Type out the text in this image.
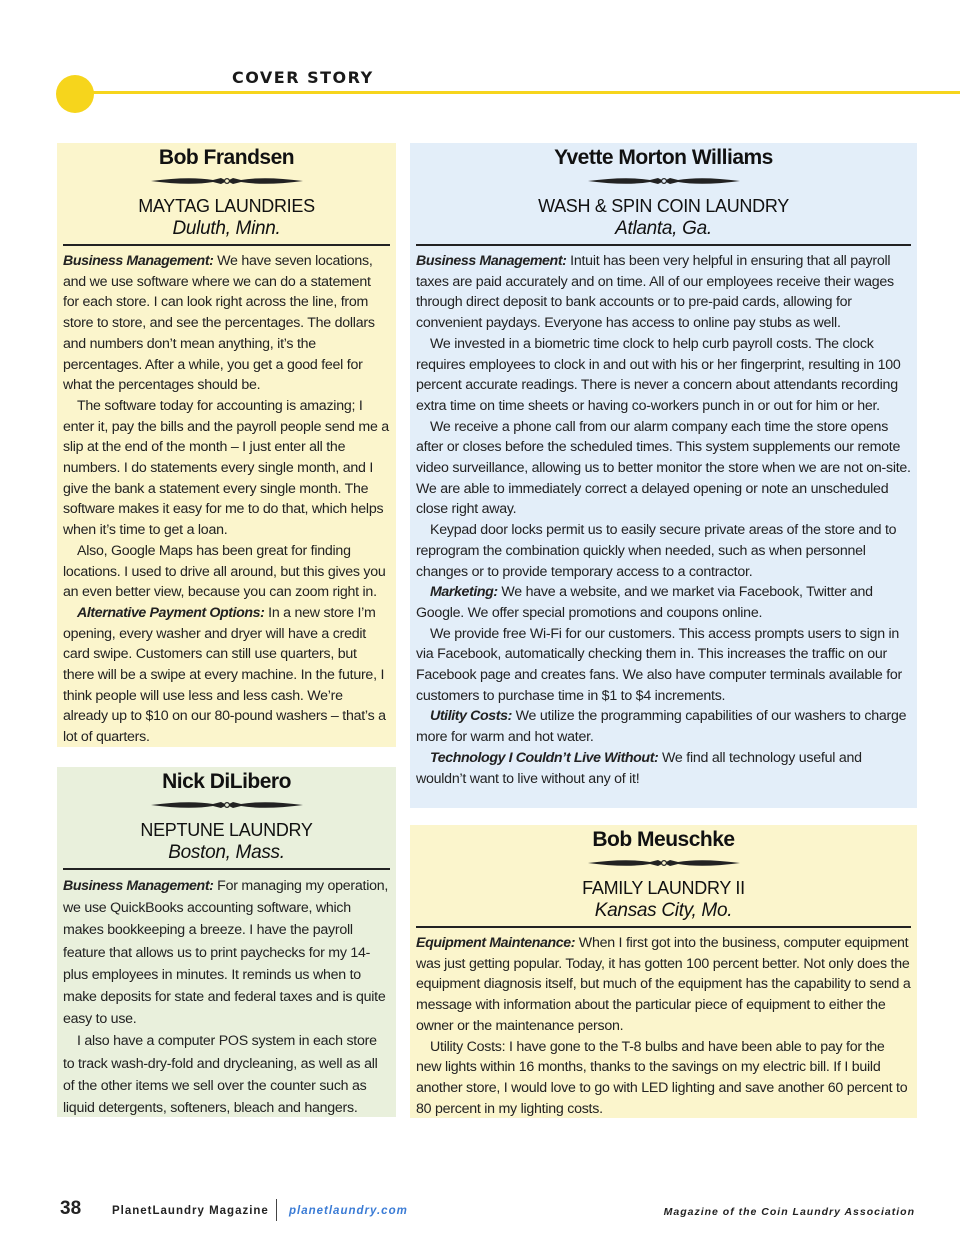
COVER STORY
Bob Frandsen
MAYTAG LAUNDRIES
Duluth, Minn.

Business Management: We have seven locations, and we use software where we can do a statement for each store. I can look right across the line, from store to store, and see the percentages. The dollars and numbers don’t mean anything, it’s the percentages. After a while, you get a good feel for what the percentages should be.

The software today for accounting is amazing; I enter it, pay the bills and the payroll people send me a slip at the end of the month – I just enter all the numbers. I do statements every single month, and I give the bank a statement every single month. The software makes it easy for me to do that, which helps when it’s time to get a loan.

Also, Google Maps has been great for finding locations. I used to drive all around, but this gives you an even better view, because you can zoom right in.

Alternative Payment Options: In a new store I’m opening, every washer and dryer will have a credit card swipe. Customers can still use quarters, but there will be a swipe at every machine. In the future, I think people will use less and less cash. We’re already up to $10 on our 80-pound washers – that’s a lot of quarters.

Nick DiLibero
NEPTUNE LAUNDRY
Boston, Mass.

Business Management: For managing my operation, we use QuickBooks accounting software, which makes bookkeeping a breeze. I have the payroll feature that allows us to print paychecks for my 14-plus employees in minutes. It reminds us when to make deposits for state and federal taxes and is quite easy to use.

I also have a computer POS system in each store to track wash-dry-fold and drycleaning, as well as all of the other items we sell over the counter such as liquid detergents, softeners, bleach and hangers.

Yvette Morton Williams
WASH & SPIN COIN LAUNDRY
Atlanta, Ga.

Business Management: Intuit has been very helpful in ensuring that all payroll taxes are paid accurately and on time. All of our employees receive their wages through direct deposit to bank accounts or to pre-paid cards, allowing for convenient paydays. Everyone has access to online pay stubs as well.

We invested in a biometric time clock to help curb payroll costs. The clock requires employees to clock in and out with his or her fingerprint, resulting in 100 percent accurate readings. There is never a concern about attendants recording extra time on time sheets or having co-workers punch in or out for him or her.

We receive a phone call from our alarm company each time the store opens after or closes before the scheduled times. This system supplements our remote video surveillance, allowing us to better monitor the store when we are not on-site. We are able to immediately correct a delayed opening or note an unscheduled close right away.

Keypad door locks permit us to easily secure private areas of the store and to reprogram the combination quickly when needed, such as when personnel changes or to provide temporary access to a contractor.

Marketing: We have a website, and we market via Facebook, Twitter and Google. We offer special promotions and coupons online.

We provide free Wi-Fi for our customers. This access prompts users to sign in via Facebook, automatically checking them in. This increases the traffic on our Facebook page and creates fans. We also have computer terminals available for customers to purchase time in $1 to $4 increments.

Utility Costs: We utilize the programming capabilities of our washers to charge more for warm and hot water.

Technology I Couldn’t Live Without: We find all technology useful and wouldn’t want to live without any of it!

Bob Meuschke
FAMILY LAUNDRY II
Kansas City, Mo.

Equipment Maintenance: When I first got into the business, computer equipment was just getting popular. Today, it has gotten 100 percent better. Not only does the equipment diagnosis itself, but much of the equipment has the capability to send a message with information about the particular piece of equipment to either the owner or the maintenance person.

Utility Costs: I have gone to the T-8 bulbs and have been able to pay for the new lights within 16 months, thanks to the savings on my electric bill. If I build another store, I would love to go with LED lighting and save another 60 percent to 80 percent in my lighting costs.

38	PlanetLaundry Magazine planetlaundry.com	Magazine of the Coin Laundry Association
